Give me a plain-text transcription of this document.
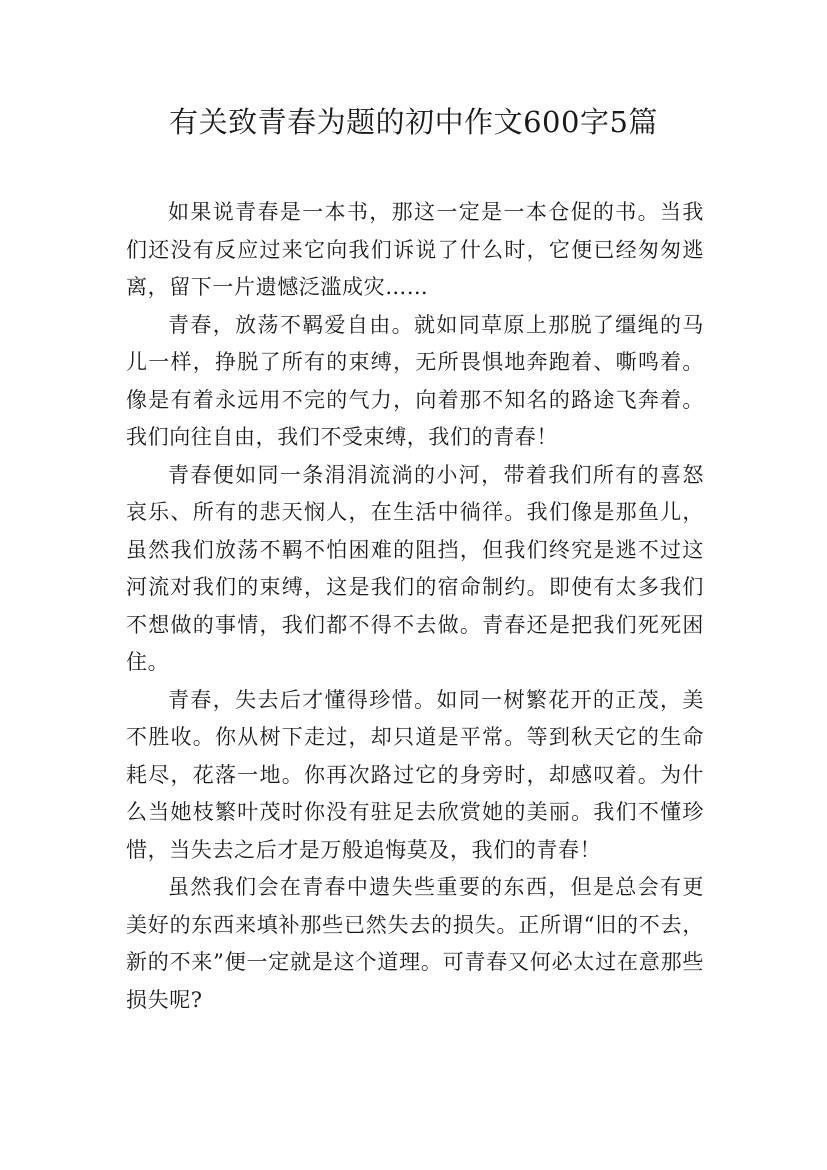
有关致青春为题的初中作文600字5篇

如果说青春是一本书，那这一定是一本仓促的书。当我们还没有反应过来它向我们诉说了什么时，它便已经匆匆逃离，留下一片遗憾泛滥成灾……

青春，放荡不羁爱自由。就如同草原上那脱了缰绳的马儿一样，挣脱了所有的束缚，无所畏惧地奔跑着、嘶鸣着。像是有着永远用不完的气力，向着那不知名的路途飞奔着。我们向往自由，我们不受束缚，我们的青春！

青春便如同一条涓涓流淌的小河，带着我们所有的喜怒哀乐、所有的悲天悯人，在生活中徜徉。我们像是那鱼儿，虽然我们放荡不羁不怕困难的阻挡，但我们终究是逃不过这河流对我们的束缚，这是我们的宿命制约。即使有太多我们不想做的事情，我们都不得不去做。青春还是把我们死死困住。

青春，失去后才懂得珍惜。如同一树繁花开的正茂，美不胜收。你从树下走过，却只道是平常。等到秋天它的生命耗尽，花落一地。你再次路过它的身旁时，却感叹着。为什么当她枝繁叶茂时你没有驻足去欣赏她的美丽。我们不懂珍惜，当失去之后才是万般追悔莫及，我们的青春！

虽然我们会在青春中遗失些重要的东西，但是总会有更美好的东西来填补那些已然失去的损失。正所谓“旧的不去，新的不来”便一定就是这个道理。可青春又何必太过在意那些损失呢?
